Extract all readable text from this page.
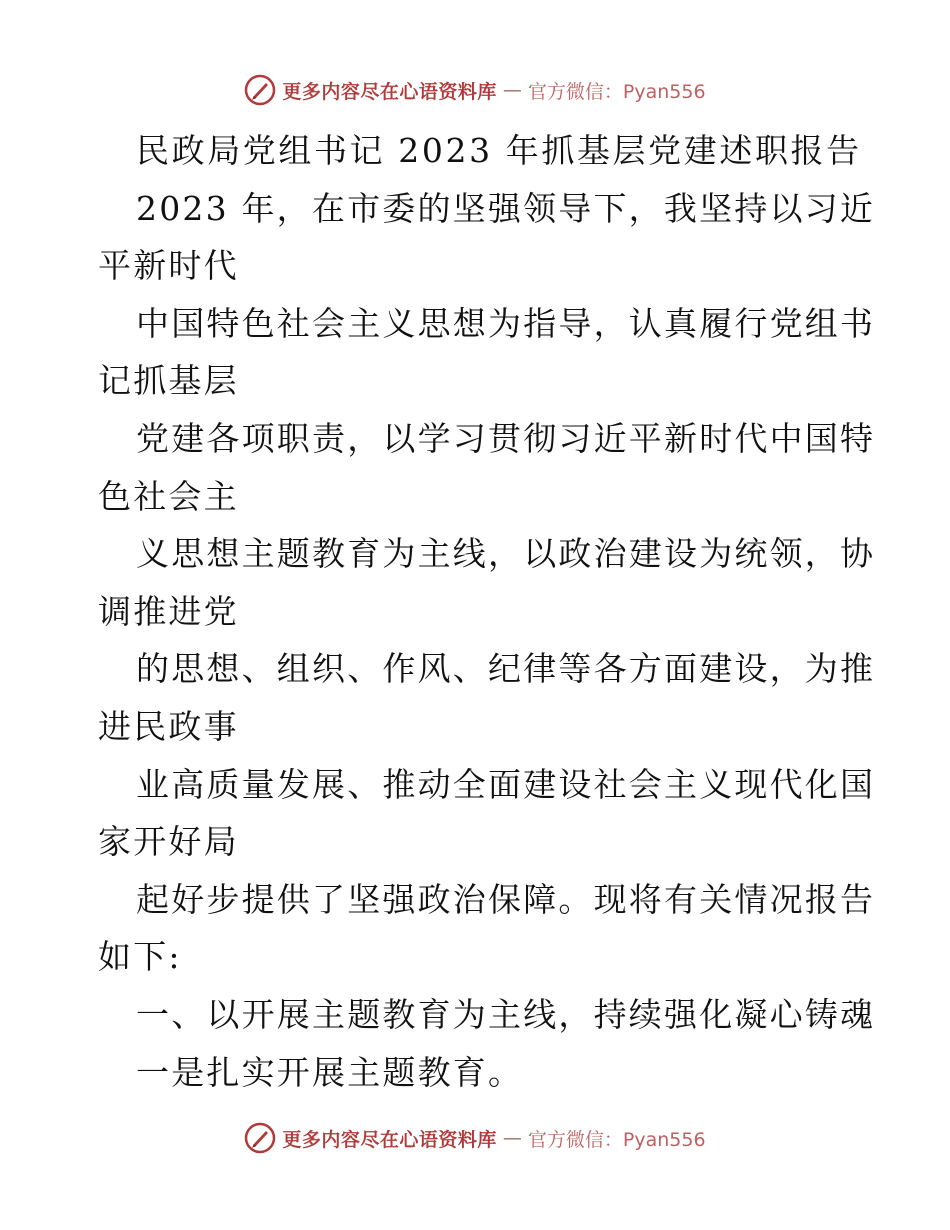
更多内容尽在心语资料库 — 官方微信：Pyan556
民政局党组书记 2023 年抓基层党建述职报告
2023 年，在市委的坚强领导下，我坚持以习近
平新时代
中国特色社会主义思想为指导，认真履行党组书
记抓基层
党建各项职责，以学习贯彻习近平新时代中国特
色社会主
义思想主题教育为主线，以政治建设为统领，协
调推进党
的思想、组织、作风、纪律等各方面建设，为推
进民政事
业高质量发展、推动全面建设社会主义现代化国
家开好局
起好步提供了坚强政治保障。现将有关情况报告
如下:
一、以开展主题教育为主线，持续强化凝心铸魂
一是扎实开展主题教育。
更多内容尽在心语资料库 — 官方微信：Pyan556
